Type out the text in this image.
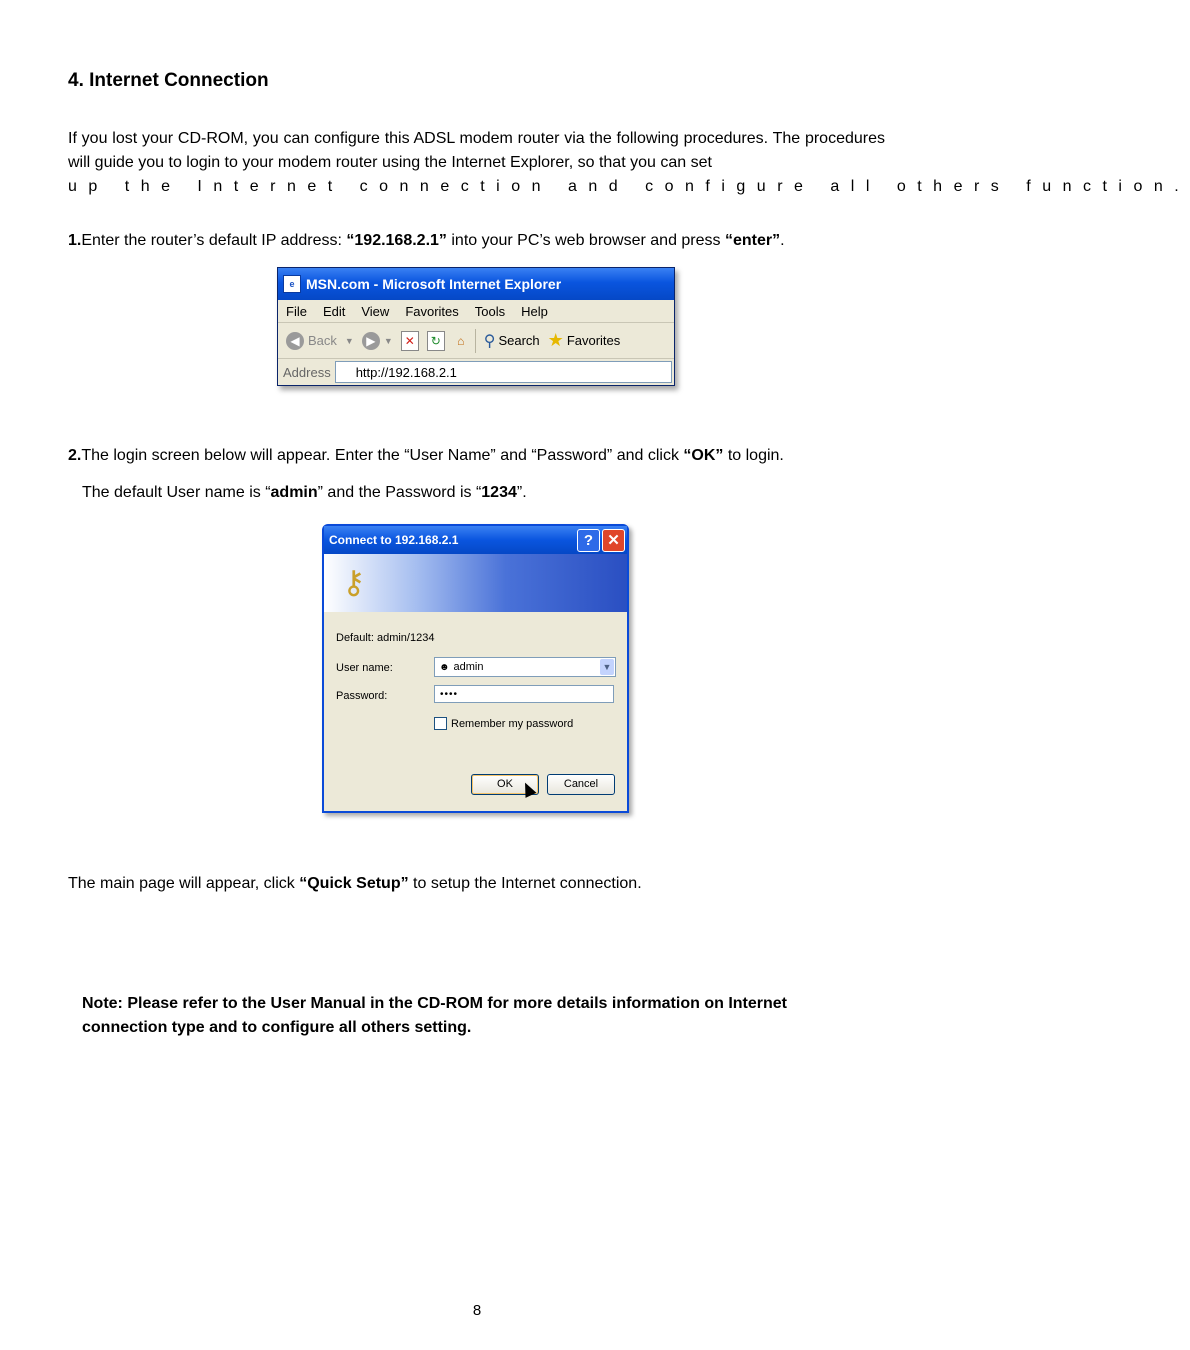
4. Internet Connection
If you lost your CD-ROM, you can configure this ADSL modem router via the following procedures. The procedures will guide you to login to your modem router using the Internet Explorer, so that you can set
up the Internet connection and configure all others function.
1.Enter the router’s default IP address: “192.168.2.1” into your PC’s web browser and press “enter”.
e MSN.com - Microsoft Internet Explorer
File Edit View Favorites Tools Help
◀ Back ▼	▶ ▼ ✕	↻	⌂ ⚲ Search ★ Favorites
Address	http://192.168.2.1
2.The login screen below will appear. Enter the “User Name” and “Password” and click “OK” to login.
The default User name is “admin” and the Password is “1234”.
Connect to 192.168.2.1	? ✕
⚷
Default: admin/1234
User name:	☻ admin	▼
Password:	••••
Remember my password
OK	Cancel
The main page will appear, click “Quick Setup” to setup the Internet connection.
Note: Please refer to the User Manual in the CD-ROM for more details information on Internet connection type and to configure all others setting.
8
